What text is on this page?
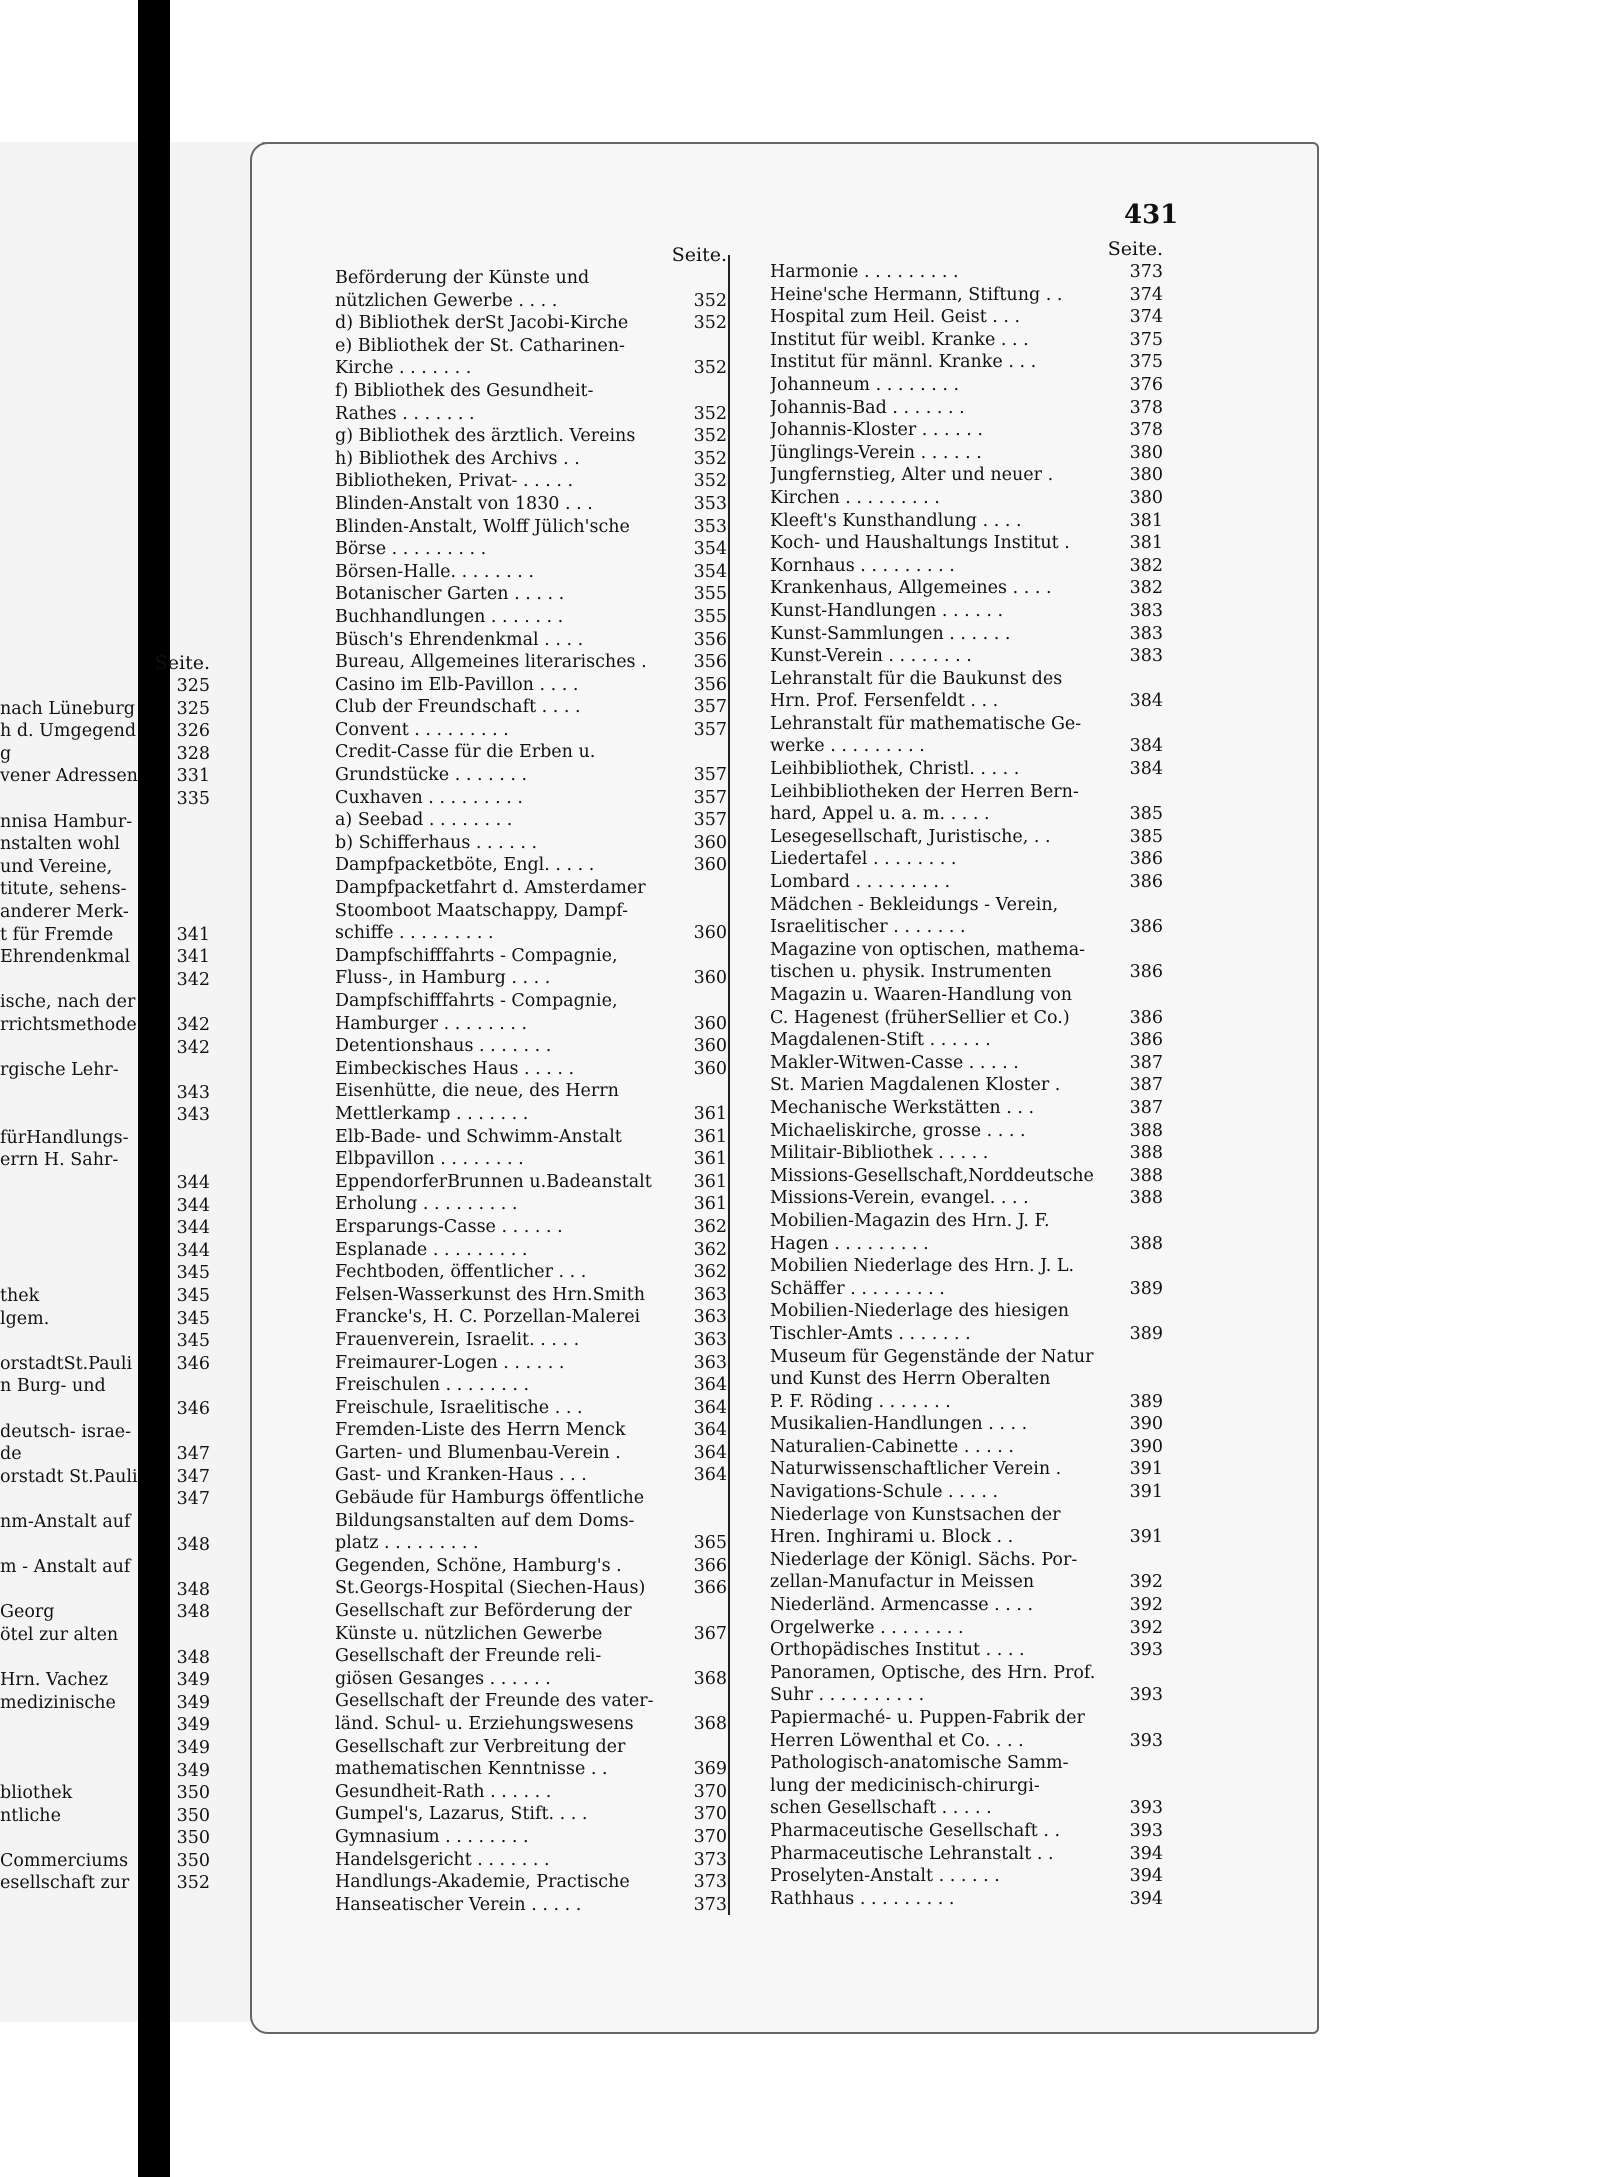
431
Seite.
325
nach Lüneburg	325
h d. Umgegend	326
g	328
vener Adressen	331
335
nnisa Hambur-
nstalten wohl
und Vereine,
titute, sehens-
anderer Merk-
t für Fremde	341
Ehrendenkmal	341
342
ische, nach der
rrichtsmethode	342
342
rgische Lehr-
343
343
fürHandlungs-
errn H. Sahr-
344
344
344
344
345
thek	345
lgem.	345
345
orstadtSt.Pauli	346
n Burg- und
346
deutsch- israe-
de	347
orstadt St.Pauli	347
347
nm-Anstalt auf
348
m - Anstalt auf
348
Georg	348
ötel zur alten
348
Hrn. Vachez	349
medizinische	349
349
349
349
bliothek	350
ntliche	350
350
Commerciums	350
esellschaft zur	352
Seite.
Beförderung der Künste und
nützlichen Gewerbe . . . .	352
d) Bibliothek derSt Jacobi-Kirche	352
e) Bibliothek der St. Catharinen-
Kirche . . . . . . .	352
f) Bibliothek des Gesundheit-
Rathes . . . . . . .	352
g) Bibliothek des ärztlich. Vereins	352
h) Bibliothek des Archivs . .	352
Bibliotheken, Privat- . . . . .	352
Blinden-Anstalt von 1830 . . .	353
Blinden-Anstalt, Wolff Jülich'sche	353
Börse . . . . . . . . .	354
Börsen-Halle. . . . . . . .	354
Botanischer Garten . . . . .	355
Buchhandlungen . . . . . . .	355
Büsch's Ehrendenkmal . . . .	356
Bureau, Allgemeines literarisches .	356
Casino im Elb-Pavillon . . . .	356
Club der Freundschaft . . . .	357
Convent . . . . . . . . .	357
Credit-Casse für die Erben u.
Grundstücke . . . . . . .	357
Cuxhaven . . . . . . . . .	357
a) Seebad . . . . . . . .	357
b) Schifferhaus . . . . . .	360
Dampfpacketböte, Engl. . . . .	360
Dampfpacketfahrt d. Amsterdamer
Stoomboot Maatschappy, Dampf-
schiffe . . . . . . . . .	360
Dampfschifffahrts - Compagnie,
Fluss-, in Hamburg . . . .	360
Dampfschifffahrts - Compagnie,
Hamburger . . . . . . . .	360
Detentionshaus . . . . . . .	360
Eimbeckisches Haus . . . . .	360
Eisenhütte, die neue, des Herrn
Mettlerkamp . . . . . . .	361
Elb-Bade- und Schwimm-Anstalt	361
Elbpavillon . . . . . . . .	361
EppendorferBrunnen u.Badeanstalt	361
Erholung . . . . . . . . .	361
Ersparungs-Casse . . . . . .	362
Esplanade . . . . . . . . .	362
Fechtboden, öffentlicher . . .	362
Felsen-Wasserkunst des Hrn.Smith	363
Francke's, H. C. Porzellan-Malerei	363
Frauenverein, Israelit. . . . .	363
Freimaurer-Logen . . . . . .	363
Freischulen . . . . . . . .	364
Freischule, Israelitische . . .	364
Fremden-Liste des Herrn Menck	364
Garten- und Blumenbau-Verein .	364
Gast- und Kranken-Haus . . .	364
Gebäude für Hamburgs öffentliche
Bildungsanstalten auf dem Doms-
platz . . . . . . . . .	365
Gegenden, Schöne, Hamburg's .	366
St.Georgs-Hospital (Siechen-Haus)	366
Gesellschaft zur Beförderung der
Künste u. nützlichen Gewerbe	367
Gesellschaft der Freunde reli-
giösen Gesanges . . . . . .	368
Gesellschaft der Freunde des vater-
länd. Schul- u. Erziehungswesens	368
Gesellschaft zur Verbreitung der
mathematischen Kenntnisse . .	369
Gesundheit-Rath . . . . . .	370
Gumpel's, Lazarus, Stift. . . .	370
Gymnasium . . . . . . . .	370
Handelsgericht . . . . . . .	373
Handlungs-Akademie, Practische	373
Hanseatischer Verein . . . . .	373
Seite.
Harmonie . . . . . . . . .	373
Heine'sche Hermann, Stiftung . .	374
Hospital zum Heil. Geist . . .	374
Institut für weibl. Kranke . . .	375
Institut für männl. Kranke . . .	375
Johanneum . . . . . . . .	376
Johannis-Bad . . . . . . .	378
Johannis-Kloster . . . . . .	378
Jünglings-Verein . . . . . .	380
Jungfernstieg, Alter und neuer .	380
Kirchen . . . . . . . . .	380
Kleeft's Kunsthandlung . . . .	381
Koch- und Haushaltungs Institut .	381
Kornhaus . . . . . . . . .	382
Krankenhaus, Allgemeines . . . .	382
Kunst-Handlungen . . . . . .	383
Kunst-Sammlungen . . . . . .	383
Kunst-Verein . . . . . . . .	383
Lehranstalt für die Baukunst des
Hrn. Prof. Fersenfeldt . . .	384
Lehranstalt für mathematische Ge-
werke . . . . . . . . .	384
Leihbibliothek, Christl. . . . .	384
Leihbibliotheken der Herren Bern-
hard, Appel u. a. m. . . . .	385
Lesegesellschaft, Juristische, . .	385
Liedertafel . . . . . . . .	386
Lombard . . . . . . . . .	386
Mädchen - Bekleidungs - Verein,
Israelitischer . . . . . . .	386
Magazine von optischen, mathema-
tischen u. physik. Instrumenten	386
Magazin u. Waaren-Handlung von
C. Hagenest (früherSellier et Co.)	386
Magdalenen-Stift . . . . . .	386
Makler-Witwen-Casse . . . . .	387
St. Marien Magdalenen Kloster .	387
Mechanische Werkstätten . . .	387
Michaeliskirche, grosse . . . .	388
Militair-Bibliothek . . . . .	388
Missions-Gesellschaft,Norddeutsche	388
Missions-Verein, evangel. . . .	388
Mobilien-Magazin des Hrn. J. F.
Hagen . . . . . . . . .	388
Mobilien Niederlage des Hrn. J. L.
Schäffer . . . . . . . . .	389
Mobilien-Niederlage des hiesigen
Tischler-Amts . . . . . . .	389
Museum für Gegenstände der Natur
und Kunst des Herrn Oberalten
P. F. Röding . . . . . . .	389
Musikalien-Handlungen . . . .	390
Naturalien-Cabinette . . . . .	390
Naturwissenschaftlicher Verein .	391
Navigations-Schule . . . . .	391
Niederlage von Kunstsachen der
Hren. Inghirami u. Block . .	391
Niederlage der Königl. Sächs. Por-
zellan-Manufactur in Meissen	392
Niederländ. Armencasse . . . .	392
Orgelwerke . . . . . . . .	392
Orthopädisches Institut . . . .	393
Panoramen, Optische, des Hrn. Prof.
Suhr . . . . . . . . . .	393
Papiermaché- u. Puppen-Fabrik der
Herren Löwenthal et Co. . . .	393
Pathologisch-anatomische Samm-
lung der medicinisch-chirurgi-
schen Gesellschaft . . . . .	393
Pharmaceutische Gesellschaft . .	393
Pharmaceutische Lehranstalt . .	394
Proselyten-Anstalt . . . . . .	394
Rathhaus . . . . . . . . .	394
